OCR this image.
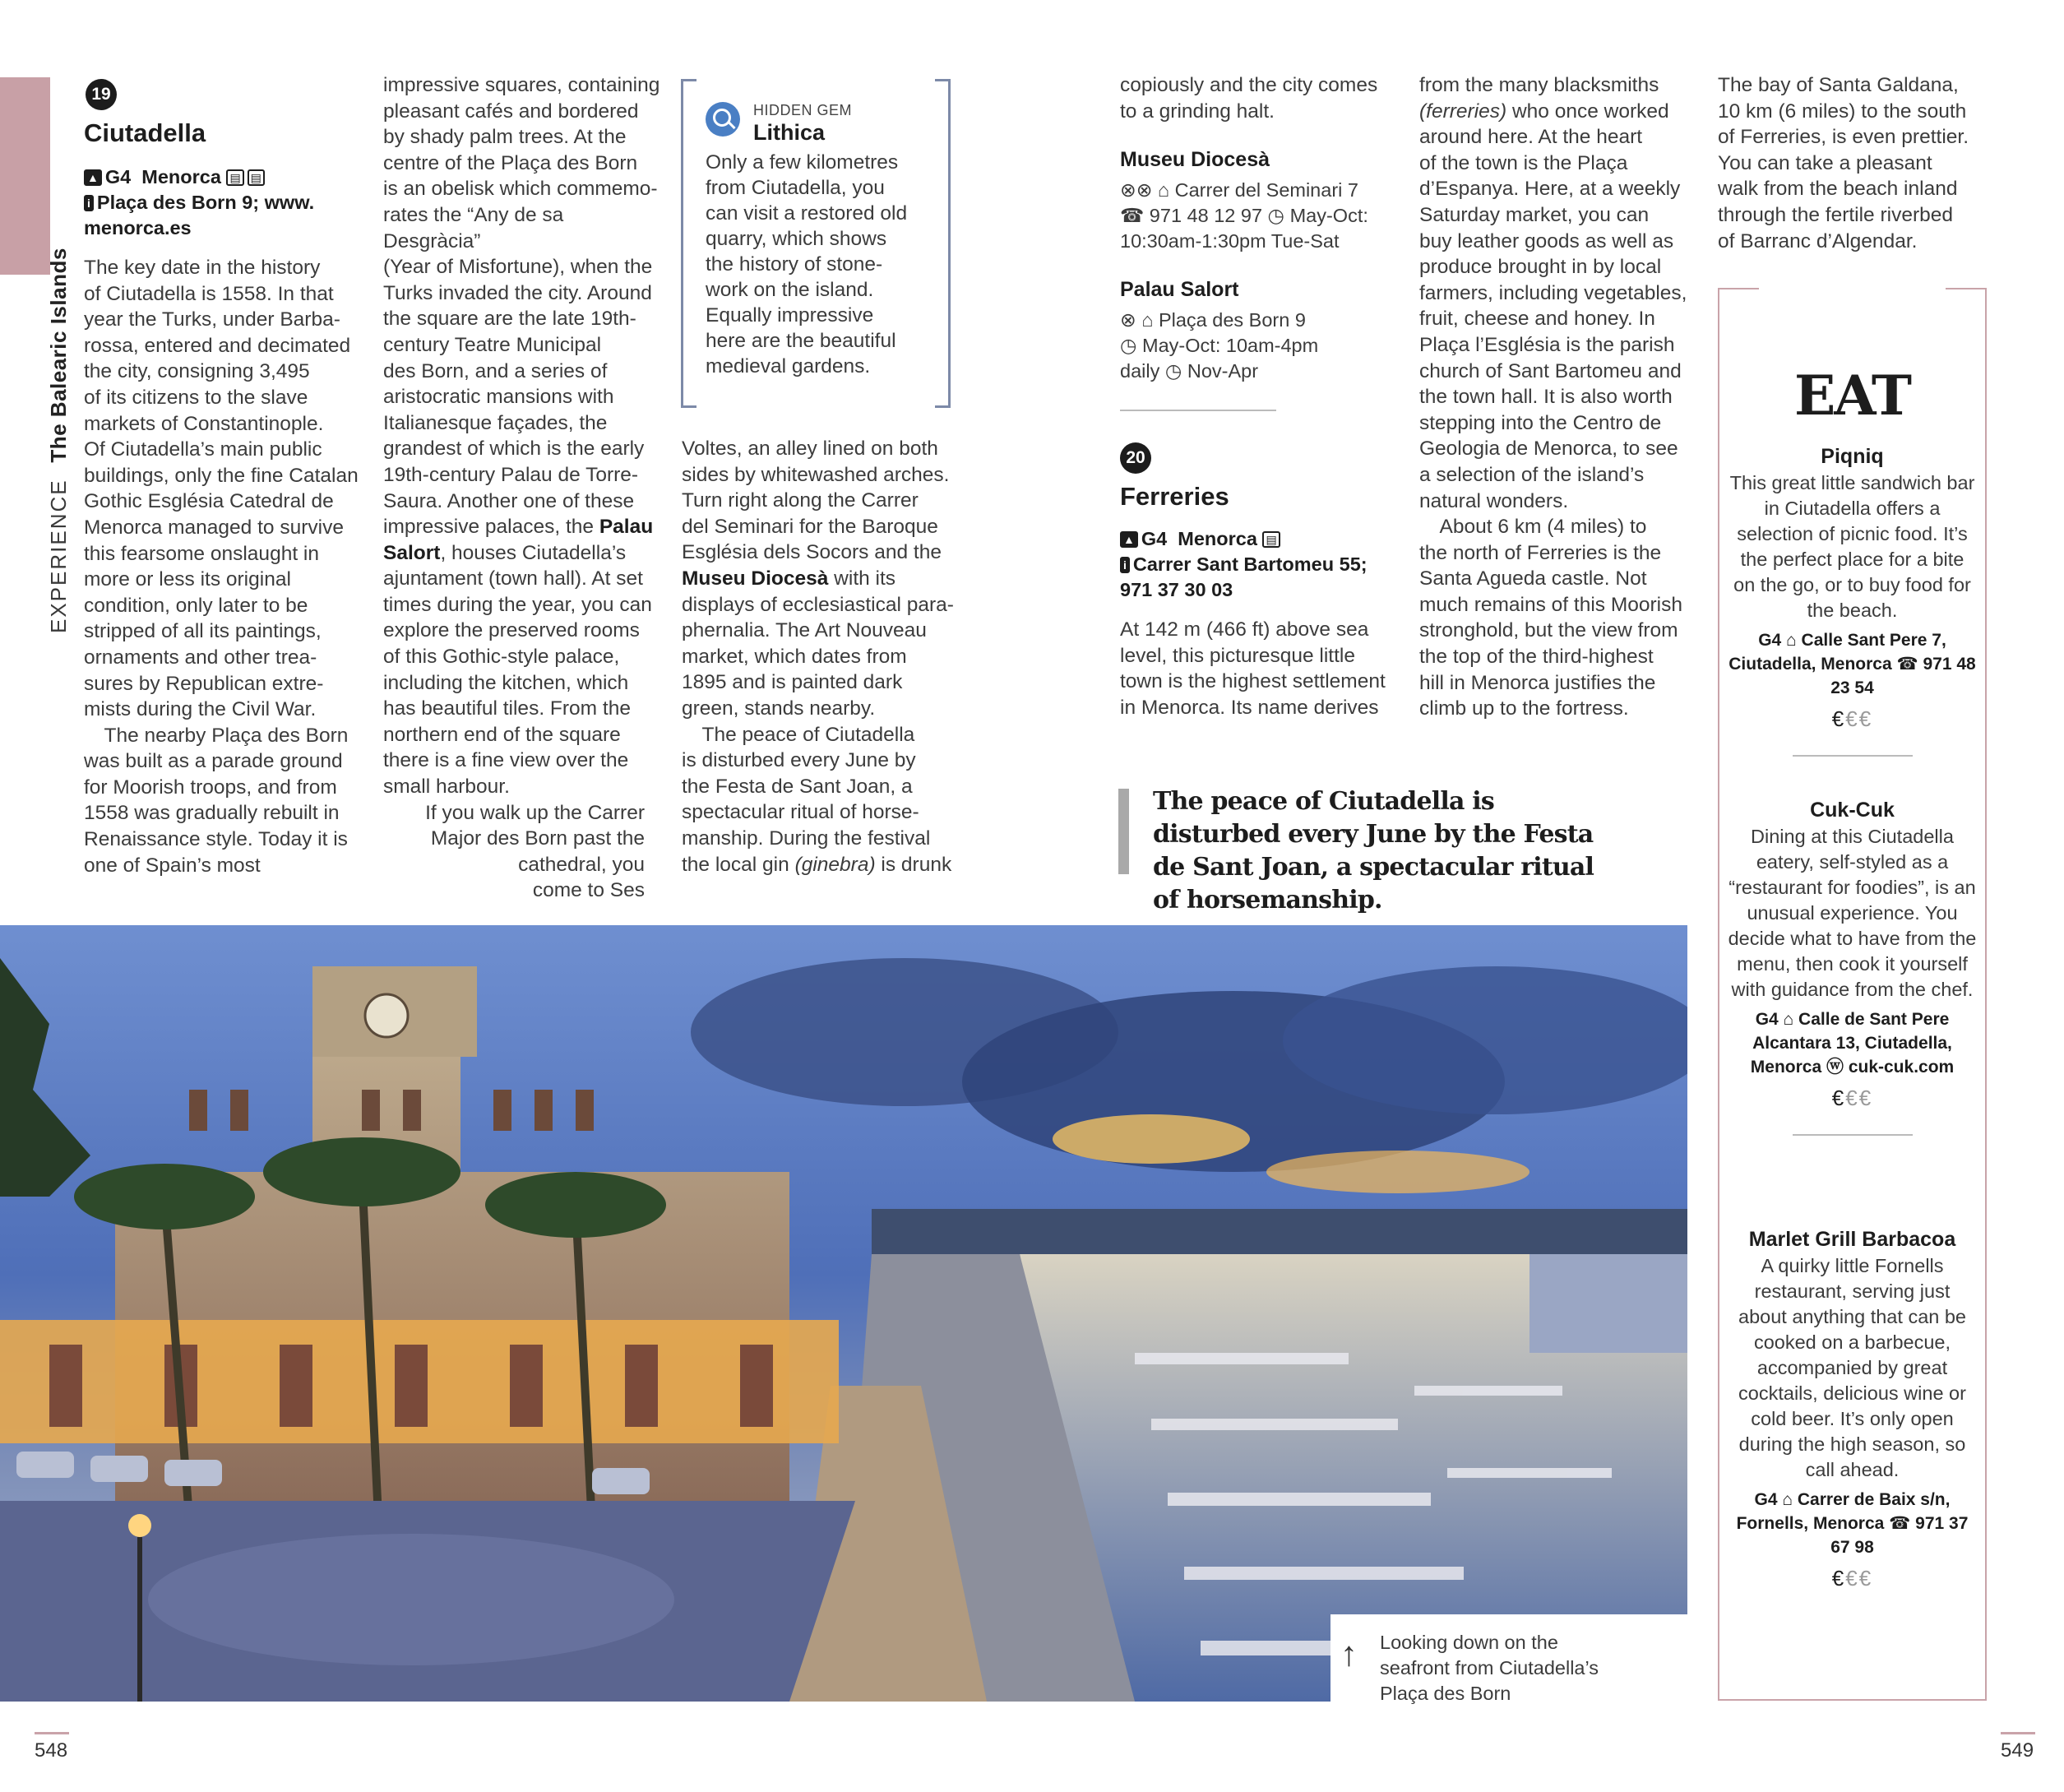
EXPERIENCE The Balearic Islands
19
Ciutadella
▲ G4  Menorca ▤ ▤
i Plaça des Born 9; www.
menorca.es
The key date in the history
of Ciutadella is 1558. In that
year the Turks, under Barba-
rossa, entered and decimated
the city, consigning 3,495
of its citizens to the slave
markets of Constantinople.
Of Ciutadella’s main public
buildings, only the fine Catalan
Gothic Església Catedral de
Menorca managed to survive
this fearsome onslaught in
more or less its original
condition, only later to be
stripped of all its paintings,
ornaments and other trea-
sures by Republican extre-
mists during the Civil War.
 The nearby Plaça des Born
was built as a parade ground
for Moorish troops, and from
1558 was gradually rebuilt in
Renaissance style. Today it is
one of Spain’s most
impressive squares, containing
pleasant cafés and bordered
by shady palm trees. At the
centre of the Plaça des Born
is an obelisk which commemo-
rates the “Any de sa Desgràcia”
(Year of Misfortune), when the
Turks invaded the city. Around
the square are the late 19th-
century Teatre Municipal
des Born, and a series of
aristocratic mansions with
Italianesque façades, the
grandest of which is the early
19th-century Palau de Torre-
Saura. Another one of these
impressive palaces, the Palau
Salort, houses Ciutadella’s
ajuntament (town hall). At set
times during the year, you can
explore the preserved rooms
of this Gothic-style palace,
including the kitchen, which
has beautiful tiles. From the
northern end of the square
there is a fine view over the
small harbour.
 If you walk up the Carrer
Major des Born past the
cathedral, you
come to Ses
HIDDEN GEM
Lithica
Only a few kilometres
from Ciutadella, you
can visit a restored old
quarry, which shows
the history of stone-
work on the island.
Equally impressive
here are the beautiful
medieval gardens.
Voltes, an alley lined on both
sides by whitewashed arches.
Turn right along the Carrer
del Seminari for the Baroque
Església dels Socors and the
Museu Diocesà with its
displays of ecclesiastical para-
phernalia. The Art Nouveau
market, which dates from
1895 and is painted dark
green, stands nearby.
 The peace of Ciutadella
is disturbed every June by
the Festa de Sant Joan, a
spectacular ritual of horse-
manship. During the festival
the local gin (ginebra) is drunk
copiously and the city comes
to a grinding halt.
Museu Diocesà
⊗⊗ ⌂ Carrer del Seminari 7
☎ 971 48 12 97 ◷ May-Oct:
10:30am-1:30pm Tue-Sat
Palau Salort
⊗ ⌂ Plaça des Born 9
◷ May-Oct: 10am-4pm
daily ◷ Nov-Apr
20
Ferreries
▲ G4  Menorca ▤
i Carrer Sant Bartomeu 55;
971 37 30 03
At 142 m (466 ft) above sea
level, this picturesque little
town is the highest settlement
in Menorca. Its name derives
from the many blacksmiths
(ferreries) who once worked
around here. At the heart
of the town is the Plaça
d’Espanya. Here, at a weekly
Saturday market, you can
buy leather goods as well as
produce brought in by local
farmers, including vegetables,
fruit, cheese and honey. In
Plaça l’Església is the parish
church of Sant Bartomeu and
the town hall. It is also worth
stepping into the Centro de
Geologia de Menorca, to see
a selection of the island’s
natural wonders.
 About 6 km (4 miles) to
the north of Ferreries is the
Santa Agueda castle. Not
much remains of this Moorish
stronghold, but the view from
the top of the third-highest
hill in Menorca justifies the
climb up to the fortress.
The bay of Santa Galdana,
10 km (6 miles) to the south
of Ferreries, is even prettier.
You can take a pleasant
walk from the beach inland
through the fertile riverbed
of Barranc d’Algendar.
The peace of Ciutadella is disturbed every June by the Festa de Sant Joan, a spectacular ritual of horsemanship.
EAT
Piqniq
This great little sandwich bar in Ciutadella offers a selection of picnic food. It’s the perfect place for a bite on the go, or to buy food for the beach.
G4 ⌂ Calle Sant Pere 7, Ciutadella, Menorca ☎ 971 48 23 54
€€€
Cuk-Cuk
Dining at this Ciutadella eatery, self-styled as a “restaurant for foodies”, is an unusual experience. You decide what to have from the menu, then cook it yourself with guidance from the chef.
G4 ⌂ Calle de Sant Pere Alcantara 13, Ciutadella, Menorca ⓦ cuk-cuk.com
€€€
Marlet Grill Barbacoa
A quirky little Fornells restaurant, serving just about anything that can be cooked on a barbecue, accompanied by great cocktails, delicious wine or cold beer. It’s only open during the high season, so call ahead.
G4 ⌂ Carrer de Baix s/n, Fornells, Menorca ☎ 971 37 67 98
€€€
↑ Looking down on the
seafront from Ciutadella’s
Plaça des Born
548	549
